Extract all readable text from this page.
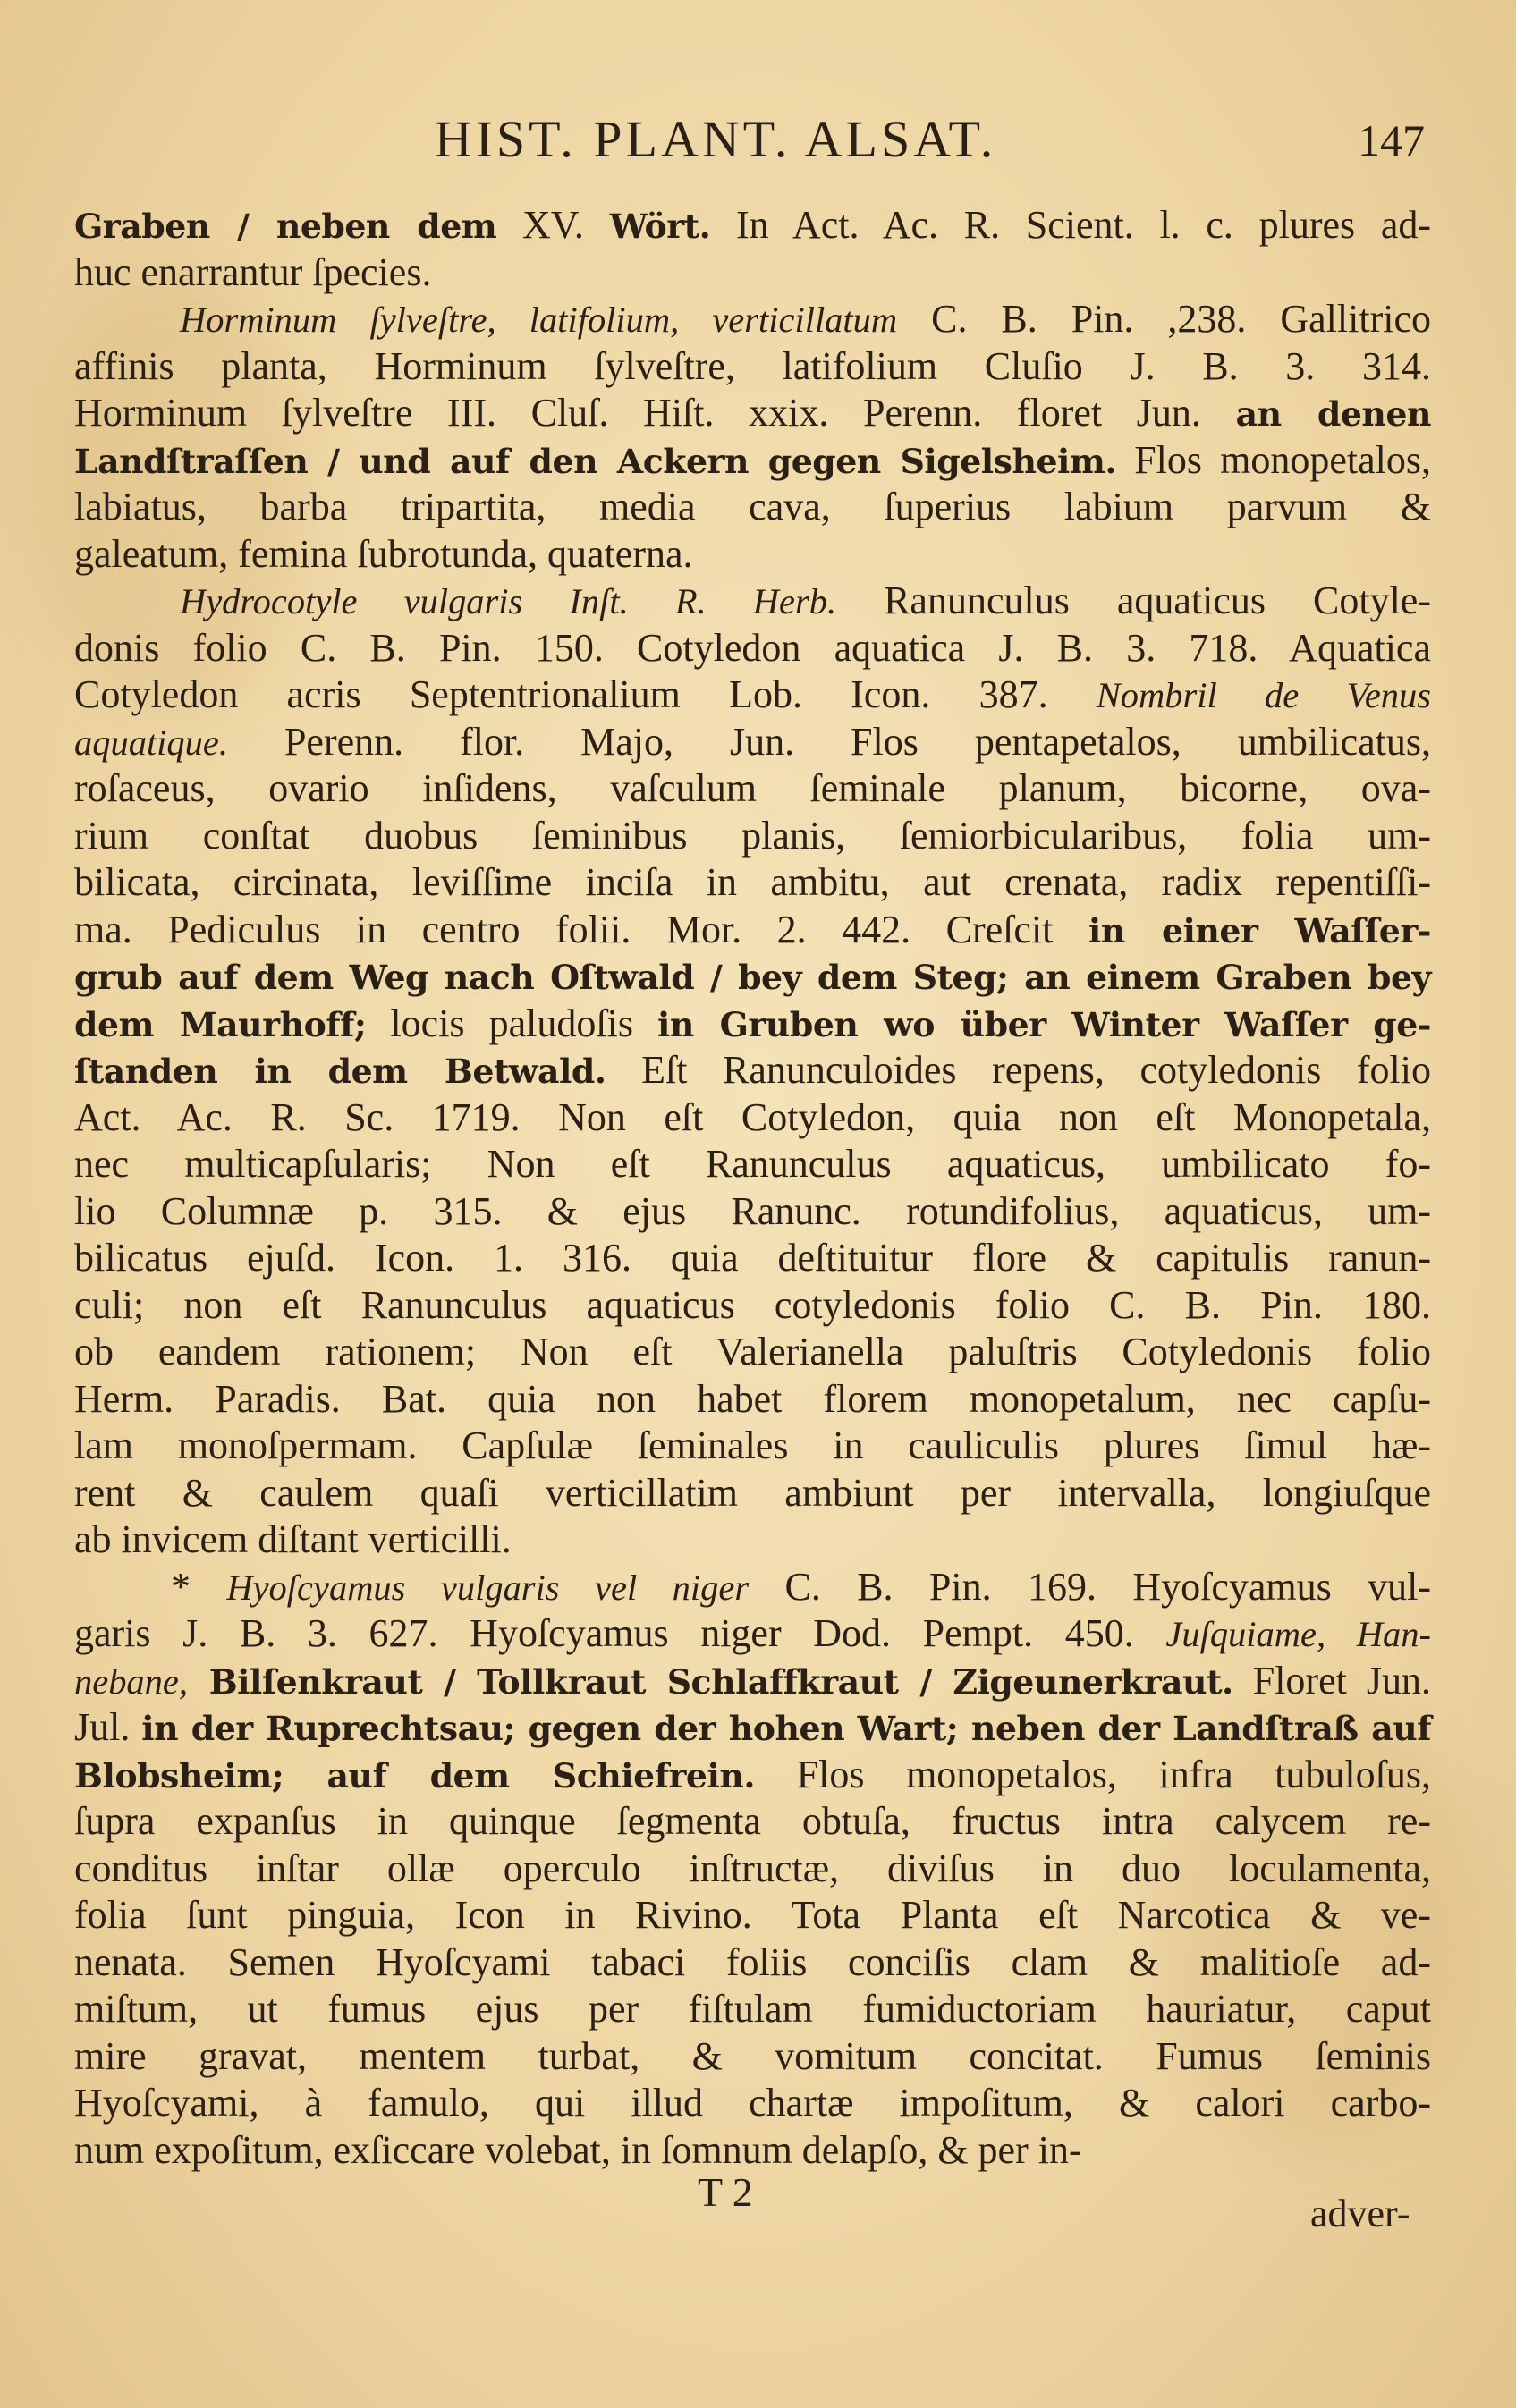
HIST. PLANT. ALSAT.	147
Graben / neben dem XV. Wört. In Act. Ac. R. Scient. l. c. plures ad-
huc enarrantur ſpecies.
Horminum ſylveſtre, latifolium, verticillatum C. B. Pin. ,238. Gallitrico
affinis planta, Horminum ſylveſtre, latifolium Cluſio J. B. 3. 314.
Horminum ſylveſtre III. Cluſ. Hiſt. xxix. Perenn. floret Jun. an denen
Landſtraſſen / und auf den Ackern gegen Sigelsheim. Flos monopetalos,
labiatus, barba tripartita, media cava, ſuperius labium parvum &
galeatum, femina ſubrotunda, quaterna.
Hydrocotyle vulgaris Inſt. R. Herb. Ranunculus aquaticus Cotyle-
donis folio C. B. Pin. 150. Cotyledon aquatica J. B. 3. 718. Aquatica
Cotyledon acris Septentrionalium Lob. Icon. 387. Nombril de Venus
aquatique. Perenn. flor. Majo, Jun. Flos pentapetalos, umbilicatus,
roſaceus, ovario inſidens, vaſculum ſeminale planum, bicorne, ova-
rium conſtat duobus ſeminibus planis, ſemiorbicularibus, folia um-
bilicata, circinata, leviſſime inciſa in ambitu, aut crenata, radix repentiſſi-
ma. Pediculus in centro folii. Mor. 2. 442. Creſcit in einer Waſſer-
grub auf dem Weg nach Oſtwald / bey dem Steg; an einem Graben bey
dem Maurhoff; locis paludoſis in Gruben wo über Winter Waſſer ge-
ſtanden in dem Betwald. Eſt Ranunculoides repens, cotyledonis folio
Act. Ac. R. Sc. 1719. Non eſt Cotyledon, quia non eſt Monopetala,
nec multicapſularis; Non eſt Ranunculus aquaticus, umbilicato fo-
lio Columnæ p. 315. & ejus Ranunc. rotundifolius, aquaticus, um-
bilicatus ejuſd. Icon. 1. 316. quia deſtituitur flore & capitulis ranun-
culi; non eſt Ranunculus aquaticus cotyledonis folio C. B. Pin. 180.
ob eandem rationem; Non eſt Valerianella paluſtris Cotyledonis folio
Herm. Paradis. Bat. quia non habet florem monopetalum, nec capſu-
lam monoſpermam. Capſulæ ſeminales in cauliculis plures ſimul hæ-
rent & caulem quaſi verticillatim ambiunt per intervalla, longiuſque
ab invicem diſtant verticilli.
* Hyoſcyamus vulgaris vel niger C. B. Pin. 169. Hyoſcyamus vul-
garis J. B. 3. 627. Hyoſcyamus niger Dod. Pempt. 450. Juſquiame, Han-
nebane, Bilſenkraut / Tollkraut Schlaffkraut / Zigeunerkraut. Floret Jun.
Jul. in der Ruprechtsau; gegen der hohen Wart; neben der Landſtraß auf
Blobsheim; auf dem Schiefrein. Flos monopetalos, infra tubuloſus,
ſupra expanſus in quinque ſegmenta obtuſa, fructus intra calycem re-
conditus inſtar ollæ operculo inſtructæ, diviſus in duo loculamenta,
folia ſunt pinguia, Icon in Rivino. Tota Planta eſt Narcotica & ve-
nenata. Semen Hyoſcyami tabaci foliis conciſis clam & malitioſe ad-
miſtum, ut fumus ejus per fiſtulam fumiductoriam hauriatur, caput
mire gravat, mentem turbat, & vomitum concitat. Fumus ſeminis
Hyoſcyami, à famulo, qui illud chartæ impoſitum, & calori carbo-
num expoſitum, exſiccare volebat, in ſomnum delapſo, & per in-
T 2	adver-
